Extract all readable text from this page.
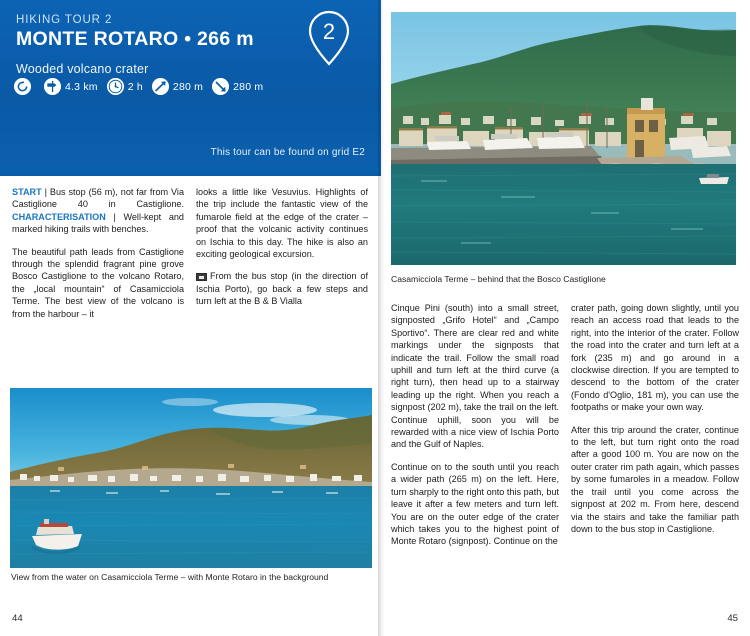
HIKING TOUR 2
MONTE ROTARO • 266 m
Wooded volcano crater
2
4.3 km	2 h	280 m	280 m
This tour can be found on grid E2

START | Bus stop (56 m), not far from Via Castiglione 40 in Castiglione. CHARACTERISATION | Well-kept and marked hiking trails with benches.

The beautiful path leads from Castiglione through the splendid fragrant pine grove Bosco Castiglione to the volcano Rotaro, the „local mountain“ of Casamicciola Terme. The best view of the volcano is from the harbour – it

looks a little like Vesuvius. Highlights of the trip include the fantastic view of the fumarole field at the edge of the crater – proof that the volcanic activity continues on Ischia to this day. The hike is also an exciting geological excursion.

From the bus stop (in the direction of Ischia Porto), go back a few steps and turn left at the B & B Vialla

View from the water on Casamicciola Terme – with Monte Rotaro in the background
44
Casamicciola Terme – behind that the Bosco Castiglione

Cinque Pini (south) into a small street, signposted „Grifo Hotel“ and „Campo Sportivo“. There are clear red and white markings under the signposts that indicate the trail. Follow the small road uphill and turn left at the third curve (a right turn), then head up to a stairway leading up the right. When you reach a signpost (202 m), take the trail on the left. Continue uphill, soon you will be rewarded with a nice view of Ischia Porto and the Gulf of Naples.

Continue on to the south until you reach a wider path (265 m) on the left. Here, turn sharply to the right onto this path, but leave it after a few meters and turn left. You are on the outer edge of the crater which takes you to the highest point of Monte Rotaro (signpost). Continue on the

crater path, going down slightly, until you reach an access road that leads to the right, into the interior of the crater. Follow the road into the crater and turn left at a fork (235 m) and go around in a clockwise direction. If you are tempted to descend to the bottom of the crater (Fondo d'Oglio, 181 m), you can use the footpaths or make your own way.

After this trip around the crater, continue to the left, but turn right onto the road after a good 100 m. You are now on the outer crater rim path again, which passes by some fumaroles in a meadow. Follow the trail until you come across the signpost at 202 m. From here, descend via the stairs and take the familiar path down to the bus stop in Castiglione.

45
